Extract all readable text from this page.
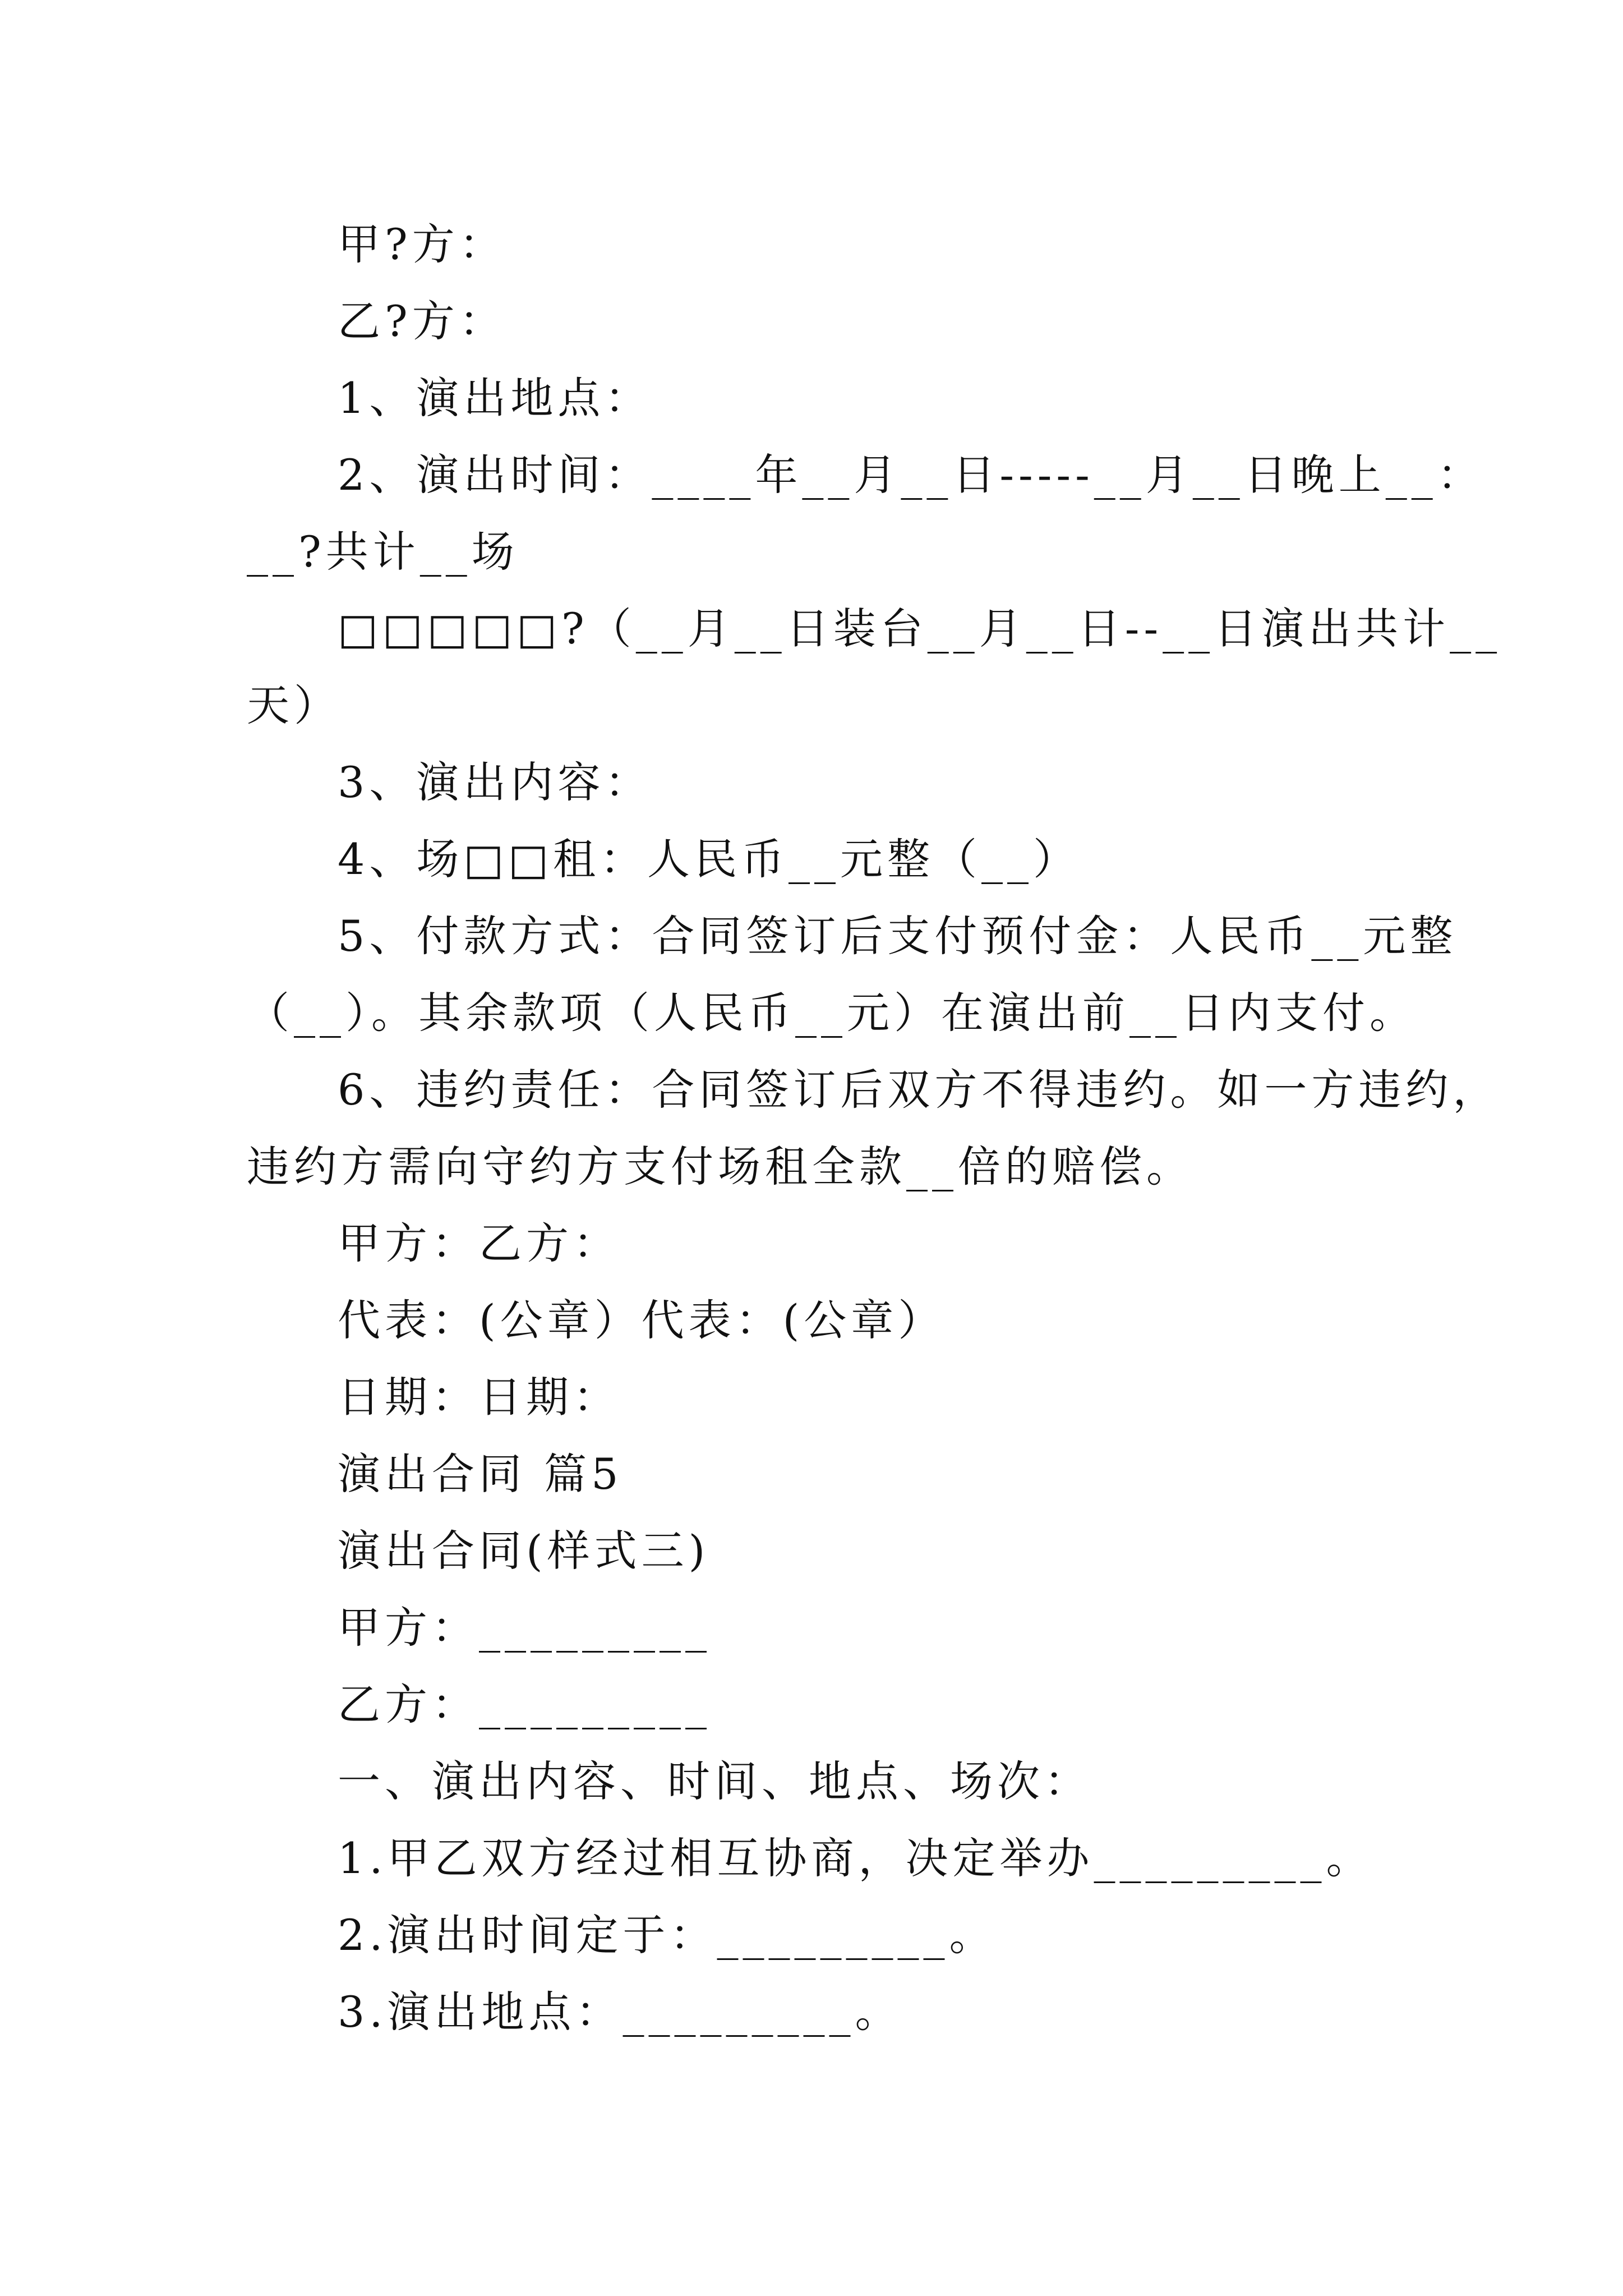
甲?方：
乙?方：
1、演出地点：
2、演出时间：____年__月__日-----__月__日晚上__：
__?共计__场
□□□□□?（__月__日装台__月__日--__日演出共计__
天）
3、演出内容：
4、场□□租：人民币__元整（__）
5、付款方式：合同签订后支付预付金：人民币__元整
（__）。其余款项（人民币__元）在演出前__日内支付。
6、违约责任：合同签订后双方不得违约。如一方违约，
违约方需向守约方支付场租全款__倍的赔偿。
甲方：乙方：
代表：(公章）代表：(公章）
日期：日期：
演出合同 篇5
演出合同(样式三)
甲方：_________
乙方：_________
一、演出内容、时间、地点、场次：
1.甲乙双方经过相互协商，决定举办_________。
2.演出时间定于：_________。
3.演出地点：_________。
